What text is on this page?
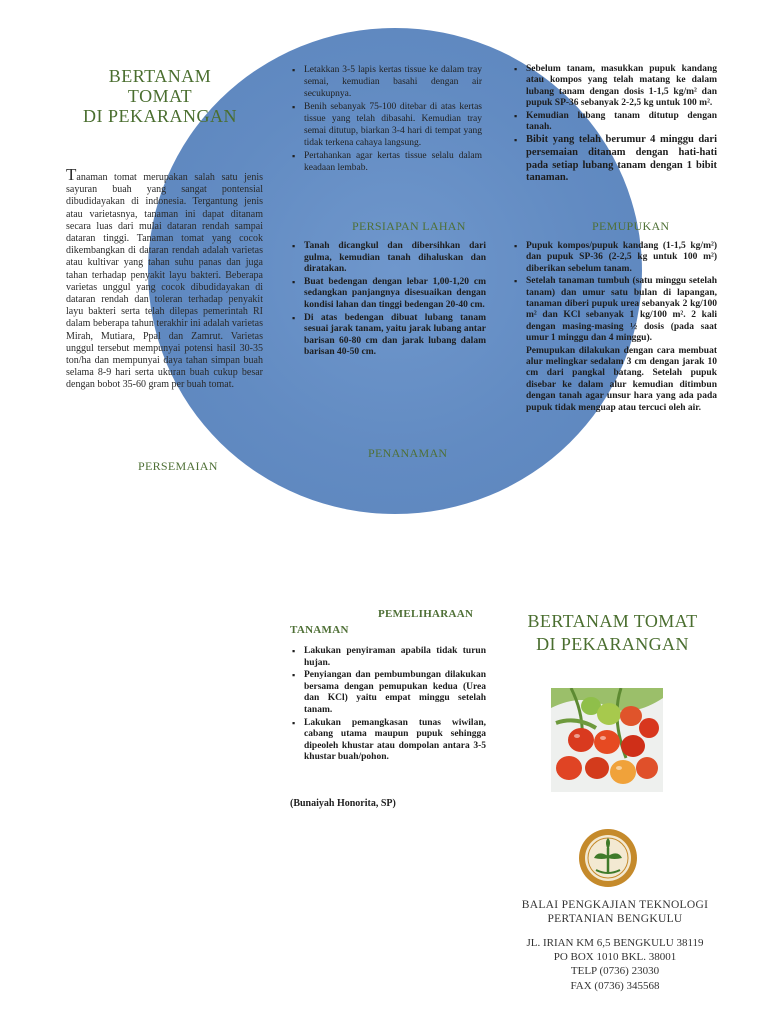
BERTANAM
TOMAT
DI PEKARANGAN
Tanaman tomat merupakan salah satu jenis sayuran buah yang sangat pontensial dibudidayakan di indonesia. Tergantung jenis atau varietasnya, tanaman ini dapat ditanam secara luas dari mulai dataran rendah sampai dataran tinggi. Tanaman tomat yang cocok dikembangkan di dataran rendah adalah varietas atau kultivar yang tahan suhu panas dan juga tahan terhadap penyakit layu bakteri. Beberapa varietas unggul yang cocok dibudidayakan di dataran rendah dan toleran terhadap penyakit layu bakteri serta telah dilepas pemerintah RI dalam beberapa tahun terakhir ini adalah varietas Mirah, Mutiara, Ppal dan Zamrut. Varietas unggul tersebut mempunyai potensi hasil 30-35 ton/ha dan mempunyai daya tahan simpan buah selama 8-9 hari serta ukuran buah cukup besar dengan bobot 35-60 gram per buah tomat.
PERSEMAIAN
▪ Letakkan 3-5 lapis kertas tissue ke dalam tray semai, kemudian basahi dengan air secukupnya.
▪ Benih sebanyak 75-100 ditebar di atas kertas tissue yang telah dibasahi. Kemudian tray semai ditutup, biarkan 3-4 hari di tempat yang tidak terkena cahaya langsung.
▪ Pertahankan agar kertas tissue selalu dalam keadaan lembab.
PERSIAPAN LAHAN
▪ Tanah dicangkul dan dibersihkan dari gulma, kemudian tanah dihaluskan dan diratakan.
▪ Buat bedengan dengan lebar 1,00-1,20 cm sedangkan panjangnya disesuaikan dengan kondisi lahan dan tinggi bedengan 20-40 cm.
▪ Di atas bedengan dibuat lubang tanam sesuai jarak tanam, yaitu jarak lubang antar barisan 60-80 cm dan jarak lubang dalam barisan 40-50 cm.
PENANAMAN
▪ Sebelum tanam, masukkan pupuk kandang atau kompos yang telah matang ke dalam lubang tanam dengan dosis 1-1,5 kg/m² dan pupuk SP-36 sebanyak 2-2,5 kg untuk 100 m².
▪ Kemudian lubang tanam ditutup dengan tanah.
▪ Bibit yang telah berumur 4 minggu dari persemaian ditanam dengan hati-hati pada setiap lubang tanam dengan 1 bibit tanaman.
PEMUPUKAN
▪ Pupuk kompos/pupuk kandang (1-1,5 kg/m²) dan pupuk SP-36 (2-2,5 kg untuk 100 m²) diberikan sebelum tanam.
▪ Setelah tanaman tumbuh (satu minggu setelah tanam) dan umur satu bulan di lapangan, tanaman diberi pupuk urea sebanyak 2 kg/100 m² dan KCl sebanyak 1 kg/100 m². 2 kali dengan masing-masing ½ dosis (pada saat umur 1 minggu dan 4 minggu).

Pemupukan dilakukan dengan cara membuat alur melingkar sedalam 3 cm dengan jarak 10 cm dari pangkal batang. Setelah pupuk disebar ke dalam alur kemudian ditimbun dengan tanah agar unsur hara yang ada pada pupuk tidak menguap atau tercuci oleh air.

PEMELIHARAAN
TANAMAN
▪ Lakukan penyiraman apabila tidak turun hujan.
▪ Penyiangan dan pembumbungan dilakukan bersama dengan pemupukan kedua (Urea dan KCl) yaitu empat minggu setelah tanam.
▪ Lakukan pemangkasan tunas wiwilan, cabang utama maupun pupuk sehingga dipeoleh khustar atau dompolan antara 3-5 khustar buah/pohon.
(Bunaiyah Honorita, SP)
BERTANAM TOMAT
DI PEKARANGAN
BALAI PENGKAJIAN TEKNOLOGI
PERTANIAN BENGKULU
JL. IRIAN KM 6,5 BENGKULU 38119
PO BOX 1010 BKL. 38001
TELP (0736) 23030
FAX (0736) 345568
